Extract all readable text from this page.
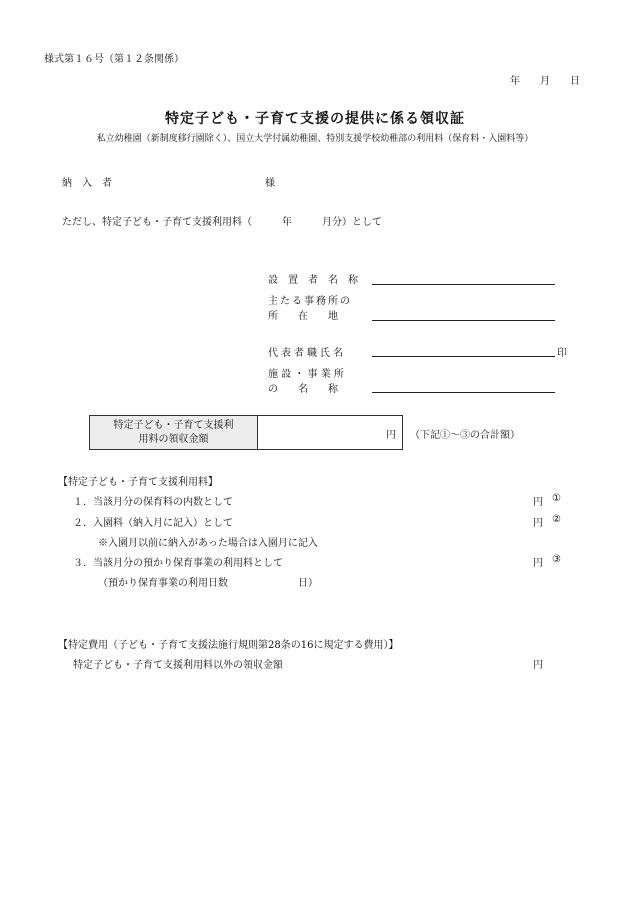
様式第１６号（第１２条関係）
年　　月　　日
特定子ども・子育て支援の提供に係る領収証
私立幼稚園（新制度移行園除く）、国立大学付属幼稚園、特別支援学校幼稚部の利用料（保育料・入園料等）
納　入　者	様
ただし、特定子ども・子育て支援利用料（　　　年　　　月分）として
設　置　者　名　称
主たる事務所の
所　　在　　地
代表者職氏名	印
施 設 ・ 事 業 所
の　　名　　称
特定子ども・子育て支援利
用料の領収金額	円 （下記①～③の合計額）
【特定子ども・子育て支援利用料】
１．当該月分の保育料の内数として	円 ①
２．入園料（納入月に記入）として	円 ②
※入園月以前に納入があった場合は入園月に記入
３．当該月分の預かり保育事業の利用料として	円 ③
（預かり保育事業の利用日数　　　　　　　日）
【特定費用（子ども・子育て支援法施行規則第28条の16に規定する費用）】
特定子ども・子育て支援利用料以外の領収金額	円
